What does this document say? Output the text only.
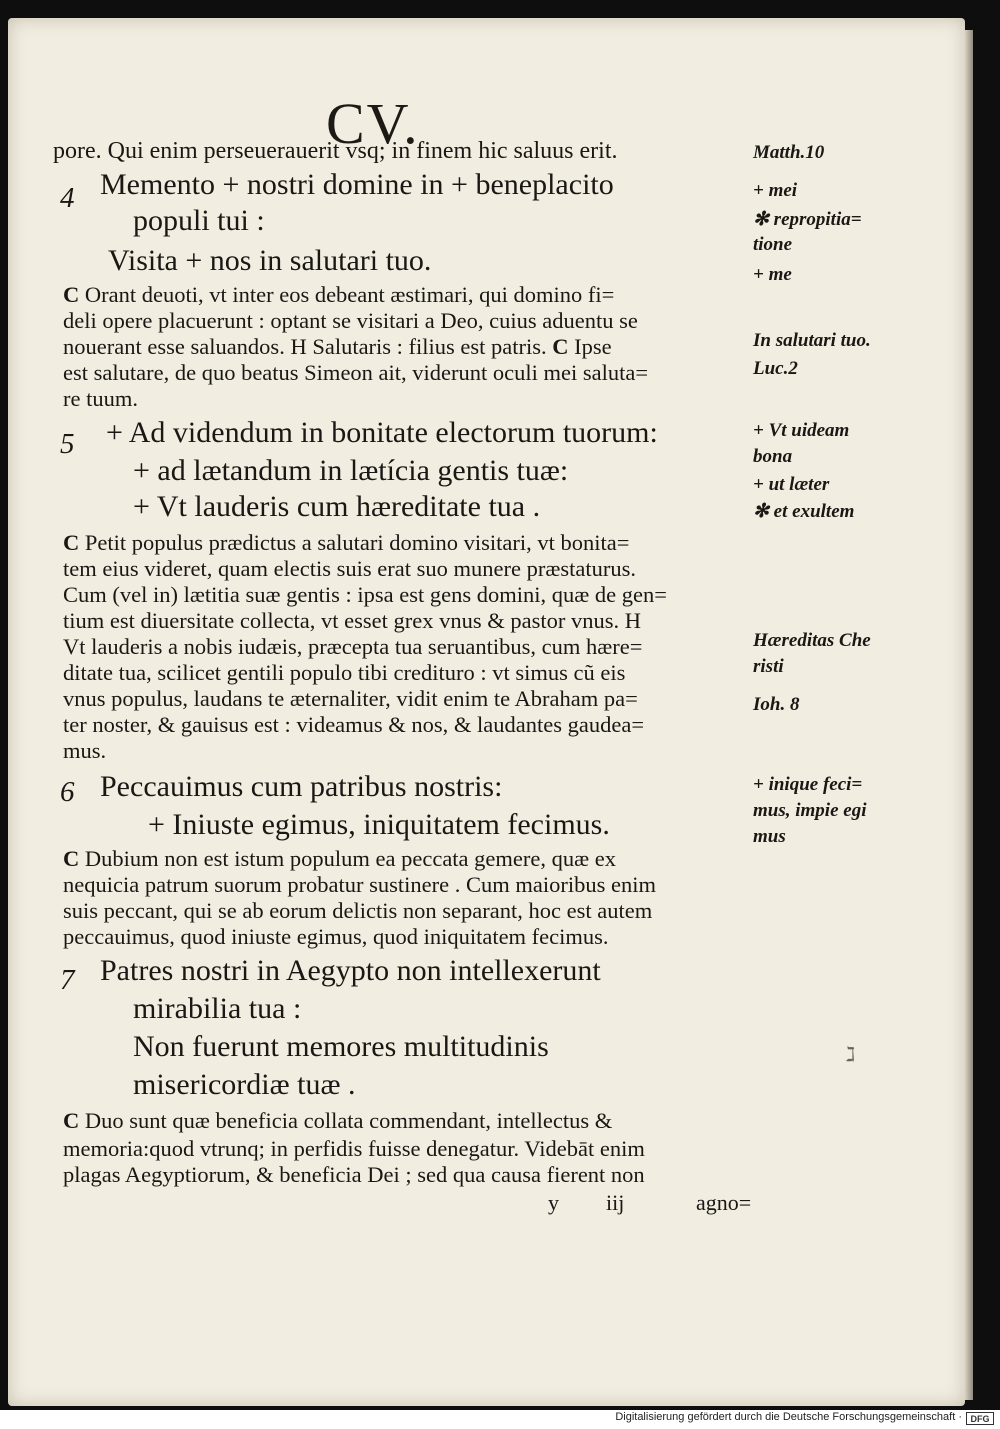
CV.
pore. Qui enim perseuerauerit vsq; in finem hic saluus erit.
4 Memento + nostri domine in + beneplacito
populi tui :
Visita + nos in salutari tuo.
C Orant deuoti, vt inter eos debeant æstimari, qui domino fi=
deli opere placuerunt : optant se visitari a Deo, cuius aduentu se
nouerant esse saluandos. H Salutaris : filius est patris. C Ipse
est salutare, de quo beatus Simeon ait, viderunt oculi mei saluta=
re tuum.
5 + Ad videndum in bonitate electorum tuorum:
+ ad lætandum in lætícia gentis tuæ:
+ Vt lauderis cum hæreditate tua .
C Petit populus prædictus a salutari domino visitari, vt bonita=
tem eius videret, quam electis suis erat suo munere præstaturus.
Cum (vel in) lætitia suæ gentis : ipsa est gens domini, quæ de gen=
tium est diuersitate collecta, vt esset grex vnus & pastor vnus. H
Vt lauderis a nobis iudæis, præcepta tua seruantibus, cum hære=
ditate tua, scilicet gentili populo tibi credituro : vt simus cũ eis
vnus populus, laudans te æternaliter, vidit enim te Abraham pa=
ter noster, & gauisus est : videamus & nos, & laudantes gaudea=
mus.
6 Peccauimus cum patribus nostris:
+ Iniuste egimus, iniquitatem fecimus.
C Dubium non est istum populum ea peccata gemere, quæ ex
nequicia patrum suorum probatur sustinere . Cum maioribus enim
suis peccant, qui se ab eorum delictis non separant, hoc est autem
peccauimus, quod iniuste egimus, quod iniquitatem fecimus.
7 Patres nostri in Aegypto non intellexerunt
mirabilia tua :
Non fuerunt memores multitudinis
misericordiæ tuæ .
C Duo sunt quæ beneficia collata commendant, intellectus &
memoria:quod vtrunq; in perfidis fuisse denegatur. Videbāt enim
plagas Aegyptiorum, & beneficia Dei ; sed qua causa fierent non
y iij	agno=
Matth.10
+ mei
✻ repropitia=
tione
+ me
In salutari tuo.
Luc.2
+ Vt uideam
bona
+ ut læter
✻ et exultem
Hæreditas Che
risti
Ioh. 8
+ inique feci=
mus, impie egi
mus
ℷ
Digitalisierung gefördert durch die Deutsche Forschungsgemeinschaft · DFG
